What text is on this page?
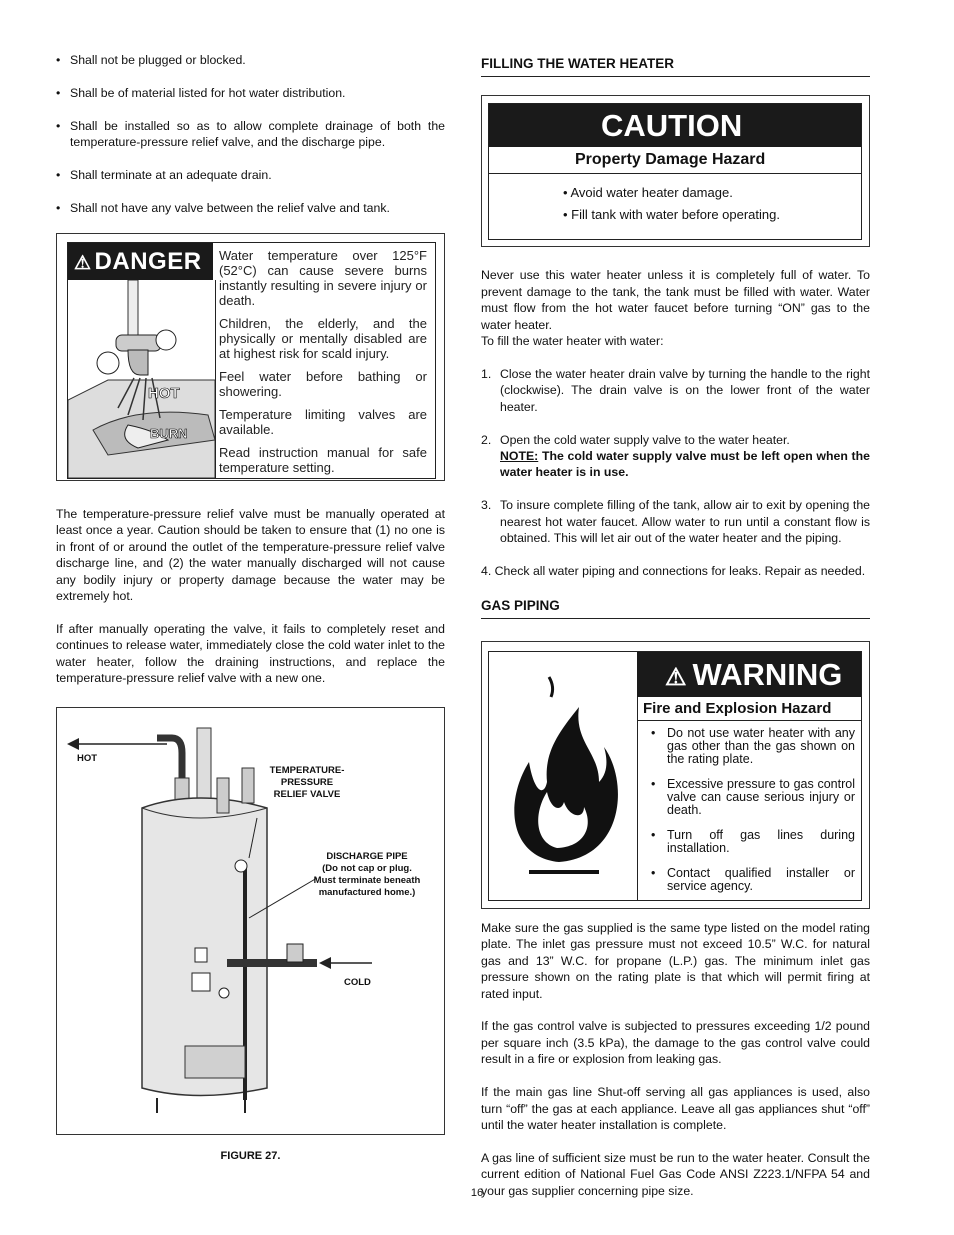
• Shall not be plugged or blocked.
• Shall be of material listed for hot water distribution.
• Shall be installed so as to allow complete drainage of both the temperature-pressure relief valve, and the discharge pipe.
• Shall terminate at an adequate drain.
• Shall not have any valve between the relief valve and tank.
⚠ DANGER
HOT
BURN

Water temperature over 125°F (52°C) can cause severe burns instantly resulting in severe injury or death.

Children, the elderly, and the physically or mentally disabled are at highest risk for scald injury.

Feel water before bathing or showering.

Temperature limiting valves are available.

Read instruction manual for safe temperature setting.

The temperature-pressure relief valve must be manually operated at least once a year. Caution should be taken to ensure that (1) no one is in front of or around the outlet of the temperature-pressure relief valve discharge line, and (2) the water manually discharged will not cause any bodily injury or property damage because the water may be extremely hot.

If after manually operating the valve, it fails to completely reset and continues to release water, immediately close the cold water inlet to the water heater, follow the draining instructions, and replace the temperature-pressure relief valve with a new one.

HOT
TEMPERATURE-
PRESSURE
RELIEF VALVE
DISCHARGE PIPE
(Do not cap or plug.
Must terminate beneath
manufactured home.)
COLD
FIGURE 27.
FILLING THE WATER HEATER
CAUTION
Property Damage Hazard
• Avoid water heater damage.
• Fill tank with water before operating.

Never use this water heater unless it is completely full of water. To prevent damage to the tank, the tank must be filled with water. Water must flow from the hot water faucet before turning “ON” gas to the water heater.

To fill the water heater with water:

1. Close the water heater drain valve by turning the handle to the right (clockwise). The drain valve is on the lower front of the water heater.
2. Open the cold water supply valve to the water heater.
NOTE: The cold water supply valve must be left open when the water heater is in use.
3. To insure complete filling of the tank, allow air to exit by opening the nearest hot water faucet. Allow water to run until a constant flow is obtained. This will let air out of the water heater and the piping.

4. Check all water piping and connections for leaks. Repair as needed.

GAS PIPING
⚠ WARNING
Fire and Explosion Hazard
• Do not use water heater with any gas other than the gas shown on the rating plate.
• Excessive pressure to gas control valve can cause serious injury or death.
• Turn off gas lines during installation.
• Contact qualified installer or service agency.

Make sure the gas supplied is the same type listed on the model rating plate. The inlet gas pressure must not exceed 10.5” W.C. for natural gas and 13” W.C. for propane (L.P.) gas. The minimum inlet gas pressure shown on the rating plate is that which will permit firing at rated input.

If the gas control valve is subjected to pressures exceeding 1/2 pound per square inch (3.5 kPa), the damage to the gas control valve could result in a fire or explosion from leaking gas.

If the main gas line Shut-off serving all gas appliances is used, also turn “off” the gas at each appliance. Leave all gas appliances shut “off” until the water heater installation is complete.

A gas line of sufficient size must be run to the water heater. Consult the current edition of National Fuel Gas Code ANSI Z223.1/NFPA 54 and your gas supplier concerning pipe size.

16
